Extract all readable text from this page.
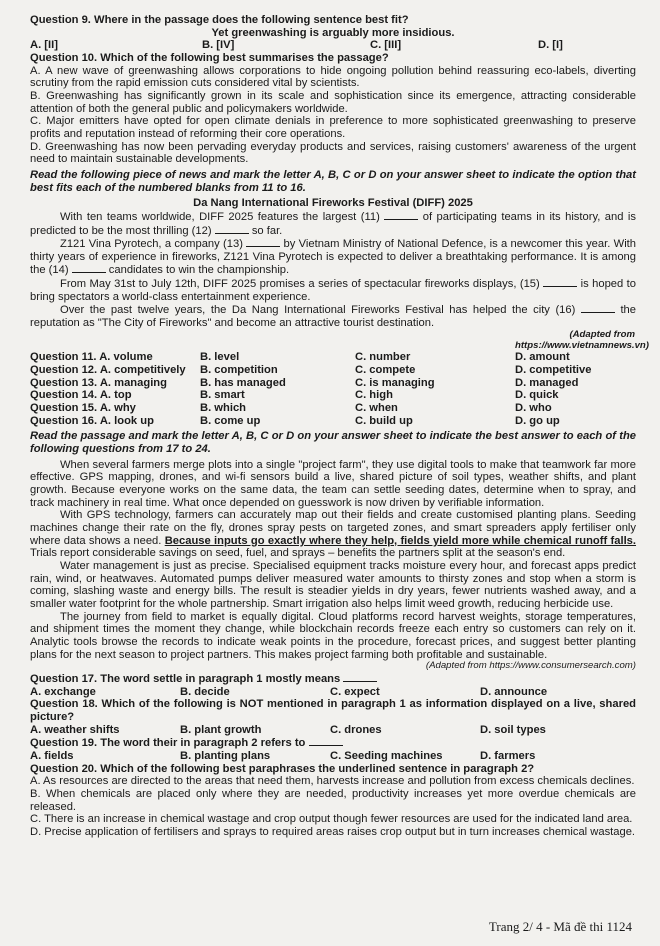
Question 9. Where in the passage does the following sentence best fit?
Yet greenwashing is arguably more insidious.
A. [II]	B. [IV]	C. [III]	D. [I]
Question 10. Which of the following best summarises the passage?

A. A new wave of greenwashing allows corporations to hide ongoing pollution behind reassuring eco-labels, diverting scrutiny from the rapid emission cuts considered vital by scientists.

B. Greenwashing has significantly grown in its scale and sophistication since its emergence, attracting considerable attention of both the general public and policymakers worldwide.

C. Major emitters have opted for open climate denials in preference to more sophisticated greenwashing to preserve profits and reputation instead of reforming their core operations.

D. Greenwashing has now been pervading everyday products and services, raising customers' awareness of the urgent need to maintain sustainable developments.

Read the following piece of news and mark the letter A, B, C or D on your answer sheet to indicate the option that best fits each of the numbered blanks from 11 to 16.

Da Nang International Fireworks Festival (DIFF) 2025

With ten teams worldwide, DIFF 2025 features the largest (11)	of participating teams in its history, and is predicted to be the most thrilling (12)	so far.

Z121 Vina Pyrotech, a company (13)	by Vietnam Ministry of National Defence, is a newcomer this year. With thirty years of experience in fireworks, Z121 Vina Pyrotech is expected to deliver a breathtaking performance. It is among the (14)	candidates to win the championship.

From May 31st to July 12th, DIFF 2025 promises a series of spectacular fireworks displays, (15)	is hoped to bring spectators a world-class entertainment experience.

Over the past twelve years, the Da Nang International Fireworks Festival has helped the city (16)	the reputation as "The City of Fireworks" and become an attractive tourist destination.

(Adapted from https://www.vietnamnews.vn)
Question 11. A. volume	B. level	C. number	D. amount
Question 12. A. competitively	B. competition	C. compete	D. competitive
Question 13. A. managing	B. has managed	C. is managing	D. managed
Question 14. A. top	B. smart	C. high	D. quick
Question 15. A. why	B. which	C. when	D. who
Question 16. A. look up	B. come up	C. build up	D. go up

Read the passage and mark the letter A, B, C or D on your answer sheet to indicate the best answer to each of the following questions from 17 to 24.

When several farmers merge plots into a single "project farm", they use digital tools to make that teamwork far more effective. GPS mapping, drones, and wi-fi sensors build a live, shared picture of soil types, weather shifts, and plant growth. Because everyone works on the same data, the team can settle seeding dates, determine when to spray, and track machinery in real time. What once depended on guesswork is now driven by verifiable information.

With GPS technology, farmers can accurately map out their fields and create customised planting plans. Seeding machines change their rate on the fly, drones spray pests on targeted zones, and smart spreaders apply fertiliser only where data shows a need. Because inputs go exactly where they help, fields yield more while chemical runoff falls. Trials report considerable savings on seed, fuel, and sprays – benefits the partners split at the season's end.

Water management is just as precise. Specialised equipment tracks moisture every hour, and forecast apps predict rain, wind, or heatwaves. Automated pumps deliver measured water amounts to thirsty zones and stop when a storm is coming, slashing waste and energy bills. The result is steadier yields in dry years, fewer nutrients washed away, and a smaller water footprint for the whole partnership. Smart irrigation also helps limit weed growth, reducing herbicide use.

The journey from field to market is equally digital. Cloud platforms record harvest weights, storage temperatures, and shipment times the moment they change, while blockchain records freeze each entry so customers can rely on it. Analytic tools browse the records to indicate weak points in the procedure, forecast prices, and suggest better planting plans for the next season to project partners. This makes project farming both profitable and sustainable.

(Adapted from https://www.consumersearch.com)
Question 17. The word settle in paragraph 1 mostly means
A. exchange	B. decide	C. expect	D. announce

Question 18. Which of the following is NOT mentioned in paragraph 1 as information displayed on a live, shared picture?

A. weather shifts	B. plant growth	C. drones	D. soil types
Question 19. The word their in paragraph 2 refers to
A. fields	B. planting plans	C. Seeding machines	D. farmers

Question 20. Which of the following best paraphrases the underlined sentence in paragraph 2?

A. As resources are directed to the areas that need them, harvests increase and pollution from excess chemicals declines.

B. When chemicals are placed only where they are needed, productivity increases yet more overdue chemicals are released.

C. There is an increase in chemical wastage and crop output though fewer resources are used for the indicated land area.

D. Precise application of fertilisers and sprays to required areas raises crop output but in turn increases chemical wastage.

Trang 2/ 4 - Mã đề thi 1124
